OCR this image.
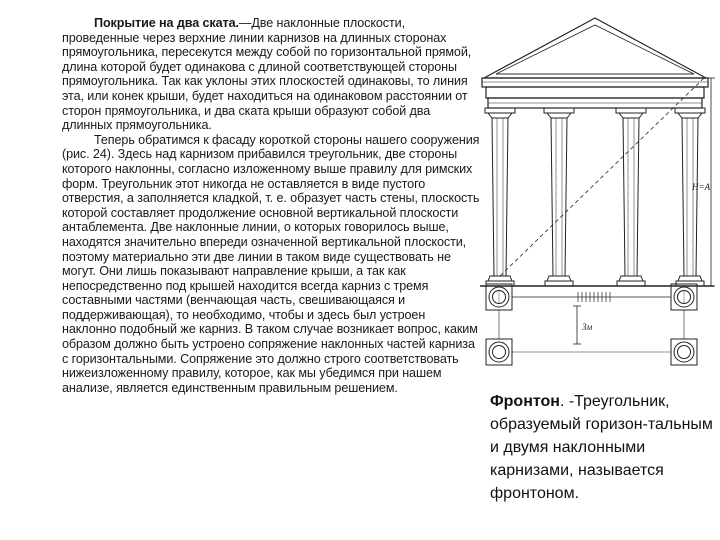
Покрытие на два ската.—Две наклонные плоскости, проведенные через верхние линии карнизов на длинных сторонах прямоугольника, пересекутся между собой по горизонтальной прямой, длина которой будет одинакова с длиной соответствующей стороны прямоугольника. Так как уклоны этих плоскостей одинаковы, то линия эта, или конек крыши, будет находиться на одинаковом расстоянии от сторон прямоугольника, и два ската крыши образуют собой два длинных прямоугольника.

Теперь обратимся к фасаду короткой стороны нашего сооружения (рис. 24). Здесь над карнизом прибавился треугольник, две стороны которого наклонны, согласно изложенному выше правилу для римских форм. Треугольник этот никогда не оставляется в виде пустого отверстия, а заполняется кладкой, т. е. образует часть стены, плоскость которой составляет продолжение основной вертикальной плоскости антаблемента. Две наклонные линии, о которых говорилось выше, находятся значительно впереди означенной вертикальной плоскости, поэтому материально эти две линии в таком виде существовать не могут. Они лишь показывают направление крыши, а так как непосредственно под крышей находится всегда карниз с тремя составными частями (венчающая часть, свешивающаяся и поддерживающая), то необходимо, чтобы и здесь был устроен наклонно подобный же карниз. В таком случае возникает вопрос, каким образом должно быть устроено сопряжение наклонных частей карниза с горизонтальными. Сопряжение это должно строго соответствовать нижеизложенному правилу, которое, как мы убедимся при нашем анализе, является единственным правильным решением.

H=A
Зм
Фронтон. -Треугольник, образуемый горизон-тальным и двумя наклонными карнизами, называется фронтоном.
